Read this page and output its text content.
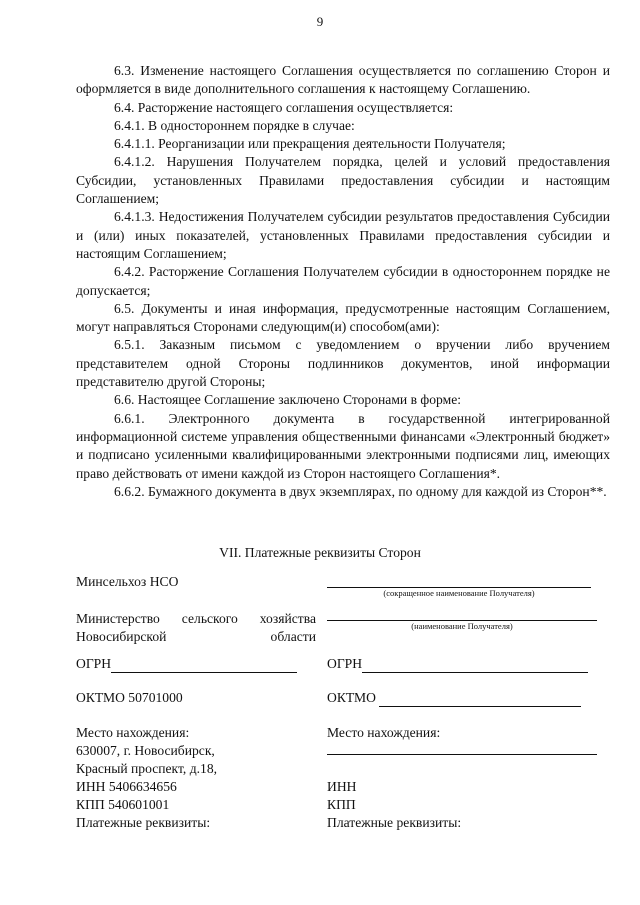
9

6.3. Изменение настоящего Соглашения осуществляется по соглашению Сторон и оформляется в виде дополнительного соглашения к настоящему Соглашению.

6.4. Расторжение настоящего соглашения осуществляется:

6.4.1. В одностороннем порядке в случае:

6.4.1.1. Реорганизации или прекращения деятельности Получателя;

6.4.1.2. Нарушения Получателем порядка, целей и условий предоставления Субсидии, установленных Правилами предоставления субсидии и настоящим Соглашением;

6.4.1.3. Недостижения Получателем субсидии результатов предоставления Субсидии и (или) иных показателей, установленных Правилами предоставления субсидии и настоящим Соглашением;

6.4.2. Расторжение Соглашения Получателем субсидии в одностороннем порядке не допускается;

6.5. Документы и иная информация, предусмотренные настоящим Соглашением, могут направляться Сторонами следующим(и) способом(ами):

6.5.1. Заказным письмом с уведомлением о вручении либо вручением представителем одной Стороны подлинников документов, иной информации представителю другой Стороны;

6.6. Настоящее Соглашение заключено Сторонами в форме:

6.6.1. Электронного документа в государственной интегрированной информационной системе управления общественными финансами «Электронный бюджет» и подписано усиленными квалифицированными электронными подписями лиц, имеющих право действовать от имени каждой из Сторон настоящего Соглашения*.

6.6.2. Бумажного документа в двух экземплярах, по одному для каждой из Сторон**.

VII. Платежные реквизиты Сторон
Минсельхоз НСО
Министерство сельского хозяйства Новосибирской области
ОГРН
ОКТМО 50701000
Место нахождения:
630007, г. Новосибирск,
Красный проспект, д.18,
ИНН 5406634656
КПП 540601001
Платежные реквизиты:
(сокращенное наименование Получателя)
(наименование Получателя)
ОГРН
ОКТМО
Место нахождения:
ИНН
КПП
Платежные реквизиты:
